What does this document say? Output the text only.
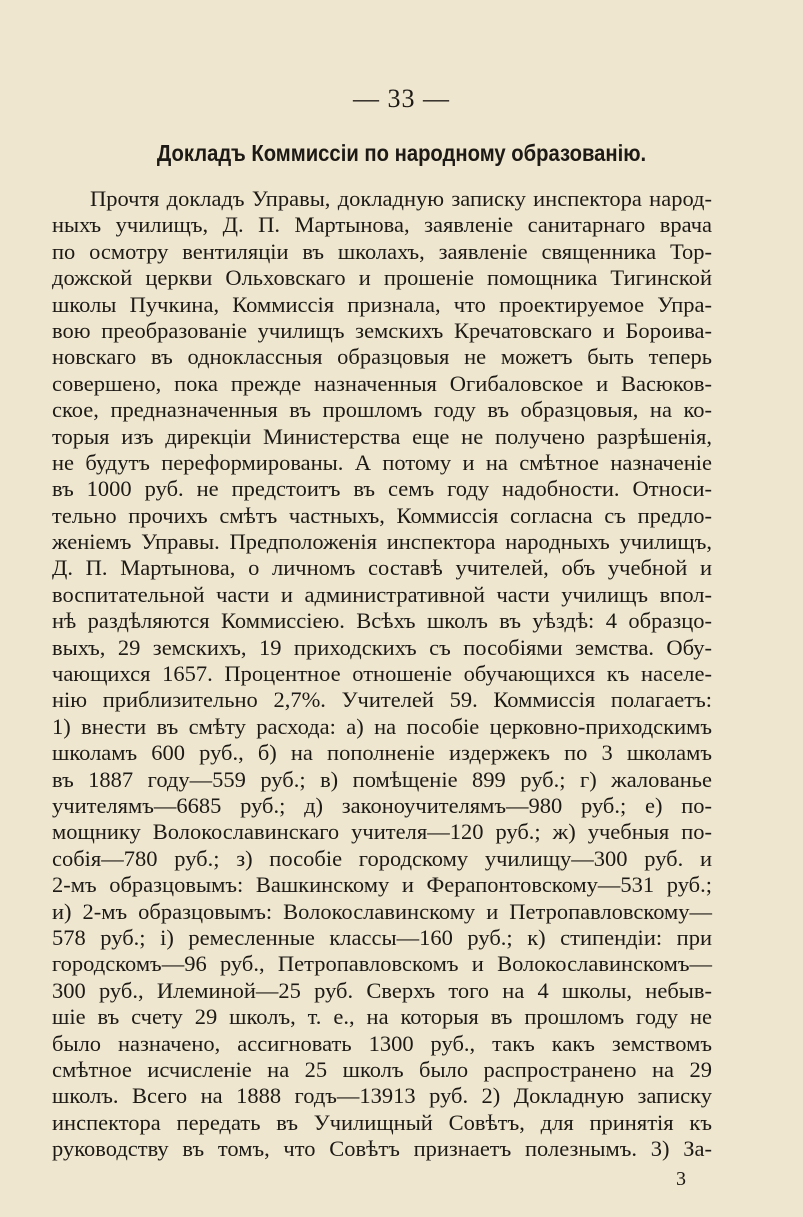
— 33 —
Докладъ Коммиссіи по народному образованію.
Прочтя докладъ Управы, докладную записку инспектора народ-
ныхъ училищъ, Д. П. Мартынова, заявленіе санитарнаго врача
по осмотру вентиляціи въ школахъ, заявленіе священника Тор-
дожской церкви Ольховскаго и прошеніе помощника Тигинской
школы Пучкина, Коммиссія признала, что проектируемое Упра-
вою преобразованіе училищъ земскихъ Кречатовскаго и Бороива-
новскаго въ одноклассныя образцовыя не можетъ быть теперь
совершено, пока прежде назначенныя Огибаловское и Васюков-
ское, предназначенныя въ прошломъ году въ образцовыя, на ко-
торыя изъ дирекціи Министерства еще не получено разрѣшенія,
не будутъ переформированы. А потому и на смѣтное назначеніе
въ 1000 руб. не предстоитъ въ семъ году надобности. Относи-
тельно прочихъ смѣтъ частныхъ, Коммиссія согласна съ предло-
женіемъ Управы. Предположенія инспектора народныхъ училищъ,
Д. П. Мартынова, о личномъ составѣ учителей, объ учебной и
воспитательной части и административной части училищъ впол-
нѣ раздѣляются Коммиссіею. Всѣхъ школъ въ уѣздѣ: 4 образцо-
выхъ, 29 земскихъ, 19 приходскихъ съ пособіями земства. Обу-
чающихся 1657. Процентное отношеніе обучающихся къ населе-
нію приблизительно 2,7%. Учителей 59. Коммиссія полагаетъ:
1) внести въ смѣту расхода: а) на пособіе церковно-приходскимъ
школамъ 600 руб., б) на пополненіе издержекъ по 3 школамъ
въ 1887 году—559 руб.; в) помѣщеніе 899 руб.; г) жалованье
учителямъ—6685 руб.; д) законоучителямъ—980 руб.; е) по-
мощнику Волокославинскаго учителя—120 руб.; ж) учебныя по-
собія—780 руб.; з) пособіе городскому училищу—300 руб. и
2-мъ образцовымъ: Вашкинскому и Ферапонтовскому—531 руб.;
и) 2-мъ образцовымъ: Волокославинскому и Петропавловскому—
578 руб.; і) ремесленные классы—160 руб.; к) стипендіи: при
городскомъ—96 руб., Петропавловскомъ и Волокославинскомъ—
300 руб., Илеминой—25 руб. Сверхъ того на 4 школы, небыв-
шіе въ счету 29 школъ, т. е., на которыя въ прошломъ году не
было назначено, ассигновать 1300 руб., такъ какъ земствомъ
смѣтное исчисленіе на 25 школъ было распространено на 29
школъ. Всего на 1888 годъ—13913 руб. 2) Докладную записку
инспектора передать въ Училищный Совѣтъ, для принятія къ
руководству въ томъ, что Совѣтъ признаетъ полезнымъ. 3) За-
3
